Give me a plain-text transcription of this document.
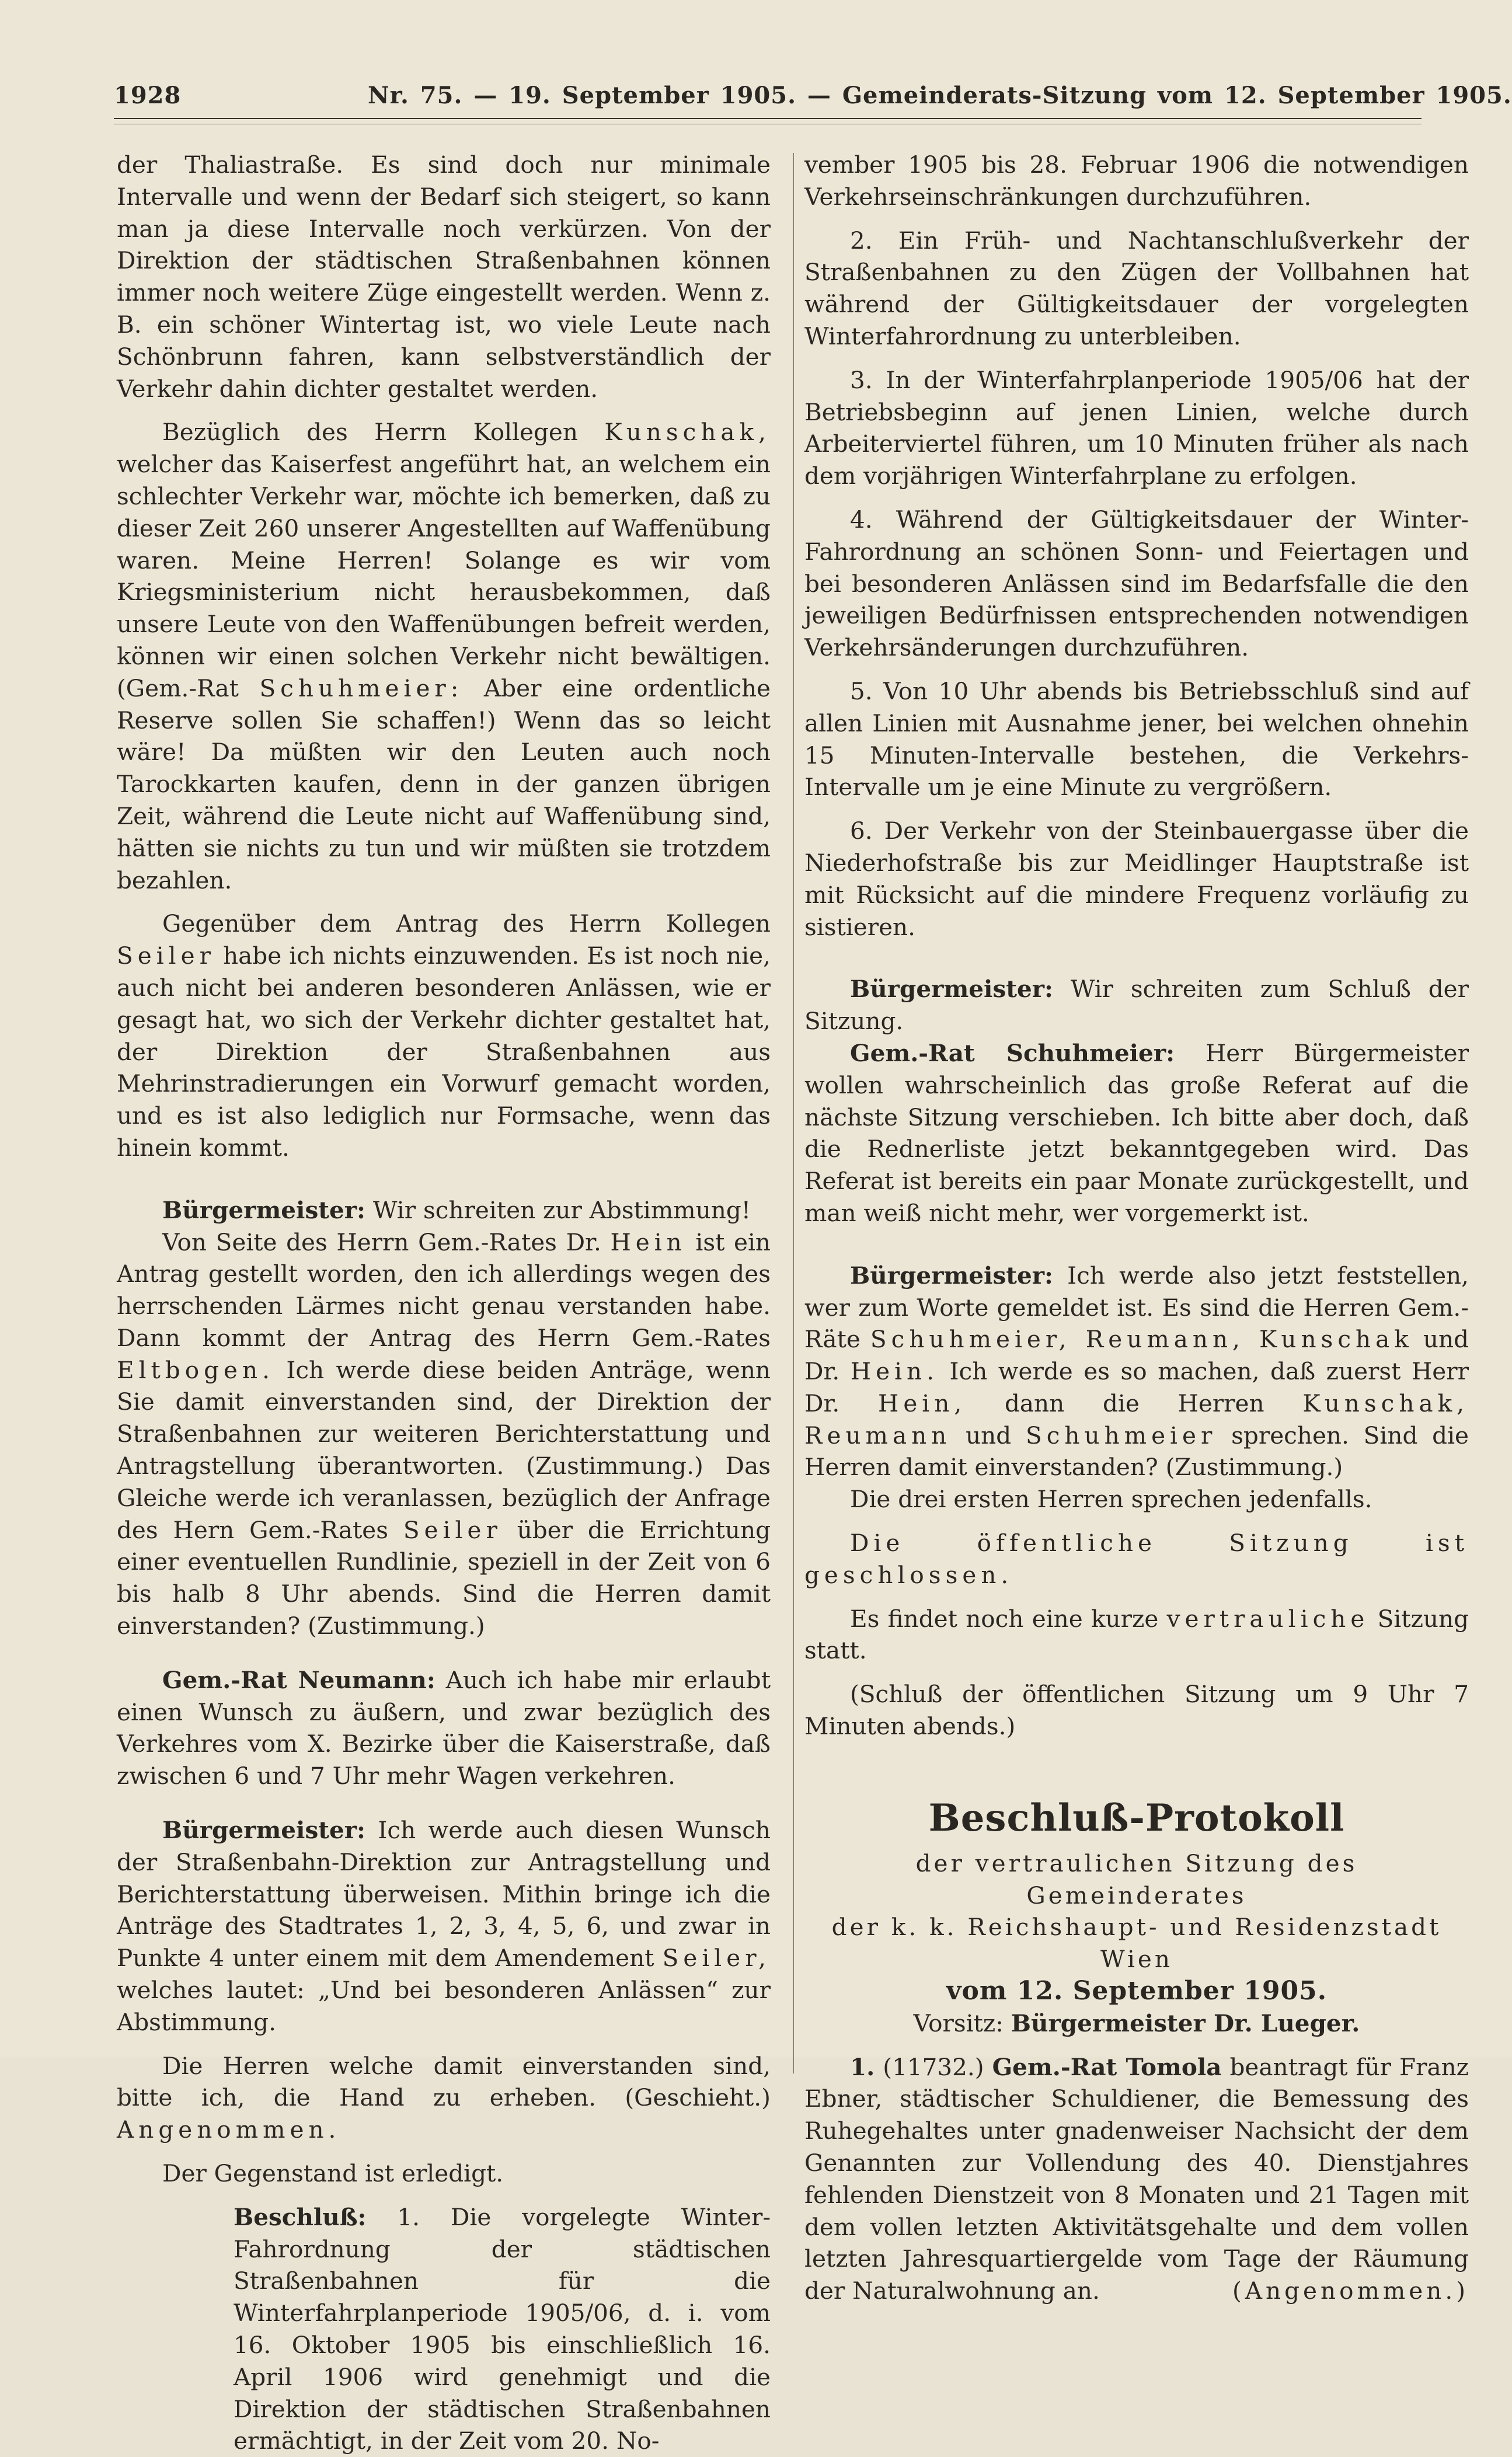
1928	Nr. 75. — 19. September 1905. — Gemeinderats-Sitzung vom 12. September 1905.

der Thaliastraße. Es sind doch nur minimale Intervalle und wenn der Bedarf sich steigert, so kann man ja diese Intervalle noch verkürzen. Von der Direktion der städtischen Straßenbahnen können immer noch weitere Züge eingestellt werden. Wenn z. B. ein schöner Wintertag ist, wo viele Leute nach Schönbrunn fahren, kann selbstverständlich der Verkehr dahin dichter gestaltet werden.

Bezüglich des Herrn Kollegen Kunschak, welcher das Kaiserfest angeführt hat, an welchem ein schlechter Verkehr war, möchte ich bemerken, daß zu dieser Zeit 260 unserer Angestellten auf Waffenübung waren. Meine Herren! Solange es wir vom Kriegsministerium nicht herausbekommen, daß unsere Leute von den Waffenübungen befreit werden, können wir einen solchen Verkehr nicht bewältigen. (Gem.-Rat Schuhmeier: Aber eine ordentliche Reserve sollen Sie schaffen!) Wenn das so leicht wäre! Da müßten wir den Leuten auch noch Tarockkarten kaufen, denn in der ganzen übrigen Zeit, während die Leute nicht auf Waffenübung sind, hätten sie nichts zu tun und wir müßten sie trotzdem bezahlen.

Gegenüber dem Antrag des Herrn Kollegen Seiler habe ich nichts einzuwenden. Es ist noch nie, auch nicht bei anderen besonderen Anlässen, wie er gesagt hat, wo sich der Verkehr dichter gestaltet hat, der Direktion der Straßenbahnen aus Mehrinstradierungen ein Vorwurf gemacht worden, und es ist also lediglich nur Formsache, wenn das hinein kommt.

Bürgermeister: Wir schreiten zur Abstimmung!

Von Seite des Herrn Gem.-Rates Dr. Hein ist ein Antrag gestellt worden, den ich allerdings wegen des herrschenden Lärmes nicht genau verstanden habe. Dann kommt der Antrag des Herrn Gem.-Rates Eltbogen. Ich werde diese beiden Anträge, wenn Sie damit einverstanden sind, der Direktion der Straßenbahnen zur weiteren Berichterstattung und Antragstellung überantworten. (Zustimmung.) Das Gleiche werde ich veranlassen, bezüglich der Anfrage des Hern Gem.-Rates Seiler über die Errichtung einer eventuellen Rundlinie, speziell in der Zeit von 6 bis halb 8 Uhr abends. Sind die Herren damit einverstanden? (Zustimmung.)

Gem.-Rat Neumann: Auch ich habe mir erlaubt einen Wunsch zu äußern, und zwar bezüglich des Verkehres vom X. Bezirke über die Kaiserstraße, daß zwischen 6 und 7 Uhr mehr Wagen verkehren.

Bürgermeister: Ich werde auch diesen Wunsch der Straßenbahn-Direktion zur Antragstellung und Berichterstattung überweisen. Mithin bringe ich die Anträge des Stadtrates 1, 2, 3, 4, 5, 6, und zwar in Punkte 4 unter einem mit dem Amendement Seiler, welches lautet: „Und bei besonderen Anlässen“ zur Abstimmung.

Die Herren welche damit einverstanden sind, bitte ich, die Hand zu erheben. (Geschieht.) Angenommen.

Der Gegenstand ist erledigt.

Beschluß: 1. Die vorgelegte Winter-Fahrordnung der städtischen Straßenbahnen für die Winterfahrplanperiode 1905/06, d. i. vom 16. Oktober 1905 bis einschließlich 16. April 1906 wird genehmigt und die Direktion der städtischen Straßenbahnen ermächtigt, in der Zeit vom 20. No-

vember 1905 bis 28. Februar 1906 die notwendigen Verkehrseinschränkungen durchzuführen.

2. Ein Früh- und Nachtanschlußverkehr der Straßenbahnen zu den Zügen der Vollbahnen hat während der Gültigkeitsdauer der vorgelegten Winterfahrordnung zu unterbleiben.

3. In der Winterfahrplanperiode 1905/06 hat der Betriebsbeginn auf jenen Linien, welche durch Arbeiterviertel führen, um 10 Minuten früher als nach dem vorjährigen Winterfahrplane zu erfolgen.

4. Während der Gültigkeitsdauer der Winter-Fahrordnung an schönen Sonn- und Feiertagen und bei besonderen Anlässen sind im Bedarfsfalle die den jeweiligen Bedürfnissen entsprechenden notwendigen Verkehrsänderungen durchzuführen.

5. Von 10 Uhr abends bis Betriebsschluß sind auf allen Linien mit Ausnahme jener, bei welchen ohnehin 15 Minuten-Intervalle bestehen, die Verkehrs-Intervalle um je eine Minute zu vergrößern.

6. Der Verkehr von der Steinbauergasse über die Niederhofstraße bis zur Meidlinger Hauptstraße ist mit Rücksicht auf die mindere Frequenz vorläufig zu sistieren.

Bürgermeister: Wir schreiten zum Schluß der Sitzung.

Gem.-Rat Schuhmeier: Herr Bürgermeister wollen wahrscheinlich das große Referat auf die nächste Sitzung verschieben. Ich bitte aber doch, daß die Rednerliste jetzt bekanntgegeben wird. Das Referat ist bereits ein paar Monate zurückgestellt, und man weiß nicht mehr, wer vorgemerkt ist.

Bürgermeister: Ich werde also jetzt feststellen, wer zum Worte gemeldet ist. Es sind die Herren Gem.-Räte Schuhmeier, Reumann, Kunschak und Dr. Hein. Ich werde es so machen, daß zuerst Herr Dr. Hein, dann die Herren Kunschak, Reumann und Schuhmeier sprechen. Sind die Herren damit einverstanden? (Zustimmung.)

Die drei ersten Herren sprechen jedenfalls.

Die öffentliche Sitzung ist geschlossen.

Es findet noch eine kurze vertrauliche Sitzung statt.

(Schluß der öffentlichen Sitzung um 9 Uhr 7 Minuten abends.)

Beschluß-Protokoll

der vertraulichen Sitzung des Gemeinderates

der k. k. Reichshaupt- und Residenzstadt Wien

vom 12. September 1905.

Vorsitz: Bürgermeister Dr. Lueger.

1. (11732.) Gem.-Rat Tomola beantragt für Franz Ebner, städtischer Schuldiener, die Bemessung des Ruhegehaltes unter gnadenweiser Nachsicht der dem Genannten zur Vollendung des 40. Dienstjahres fehlenden Dienstzeit von 8 Monaten und 21 Tagen mit dem vollen letzten Aktivitätsgehalte und dem vollen letzten Jahresquartiergelde vom Tage der Räumung der Naturalwohnung an.	(Angenommen.)
